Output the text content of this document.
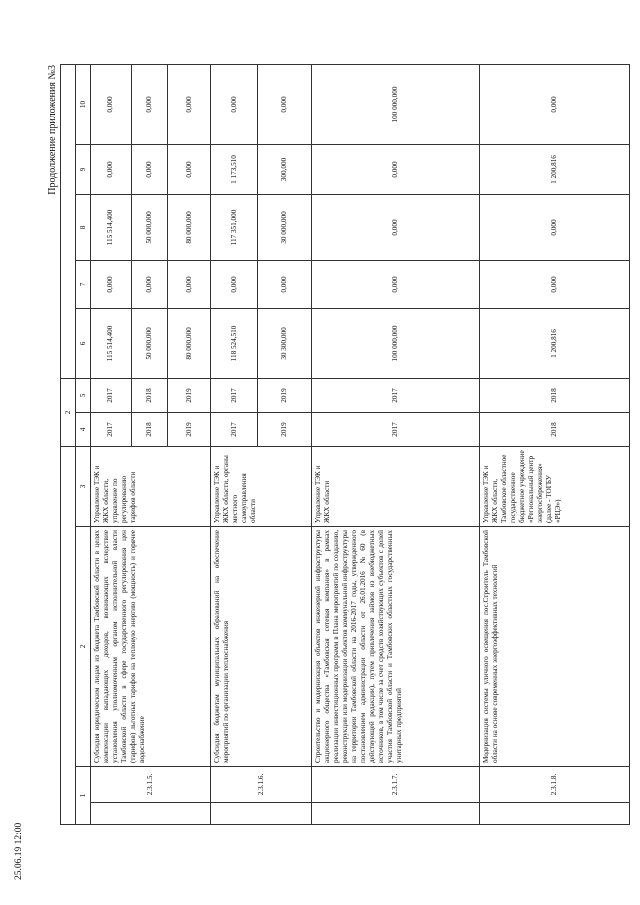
Продолжение приложения №3
				2						
1		2	3	4	5	6	7	8	9	10
	2.3.1.5.	Субсидия юридическим лицам из бюджета Тамбовской области в целях компенсации выпадающих доходов, возникающих вследствие установления уполномоченным органом исполнительной власти Тамбовской области в сфере государственного регулирования цен (тарифов) льготных тарифов на тепловую энергию (мощность) и горячее водоснабжение	Управление ТЭК и ЖКХ области, управление по регулированию тарифов области	2017	2017	115 514,400	0,000	115 514,400	0,000	0,000
				2018	2018	50 000,000	0,000	50 000,000	0,000	0,000
				2019	2019	80 000,000	0,000	80 000,000	0,000	0,000
	2.3.1.6.	Субсидия бюджетам муниципальных образований на обеспечение мероприятий по организации теплоснабжения	Управление ТЭК и ЖКХ области, органы местного самоуправления области	2017	2017	118 524,510	0,000	117 351,000	1 173,510	0,000
				2019	2019	30 300,000	0,000	30 000,000	300,000	0,000
	2.3.1.7.	Строительство и модернизация объектов инженерной инфраструктуры акционерного общества «Тамбовская сетевая компания» в рамках реализации инвестиционных программ в Плана мероприятий по созданию, реконструкции или модернизации объектов коммунальной инфраструктуры на территории Тамбовской области на 2016-2017 годы, утвержденного постановлением администрации области от 26.01.2016 №60 (в действующей редакции), путем привлечения займов из внебюджетных источников, в том числе за счет средств хозяйствующих субъектов с долей участия Тамбовской области и Тамбовских областных государственных унитарных предприятий	Управление ТЭК и ЖКХ области	2017	2017	100 000,000	0,000	0,000	0,000	100 000,000
	2.3.1.8.	Модернизация системы уличного освещения пос.Строитель Тамбовской области на основе современных энергоэффективных технологий	Управление ТЭК и ЖКХ области, Тамбовское областное государственное бюджетное учреждение «Региональный центр энергосбережения» (далее - ТОГБУ «РЦЭ»)	2018	2018	1 200,816	0,000	0,000	1 200,816	0,000
25.06.19 12:00
